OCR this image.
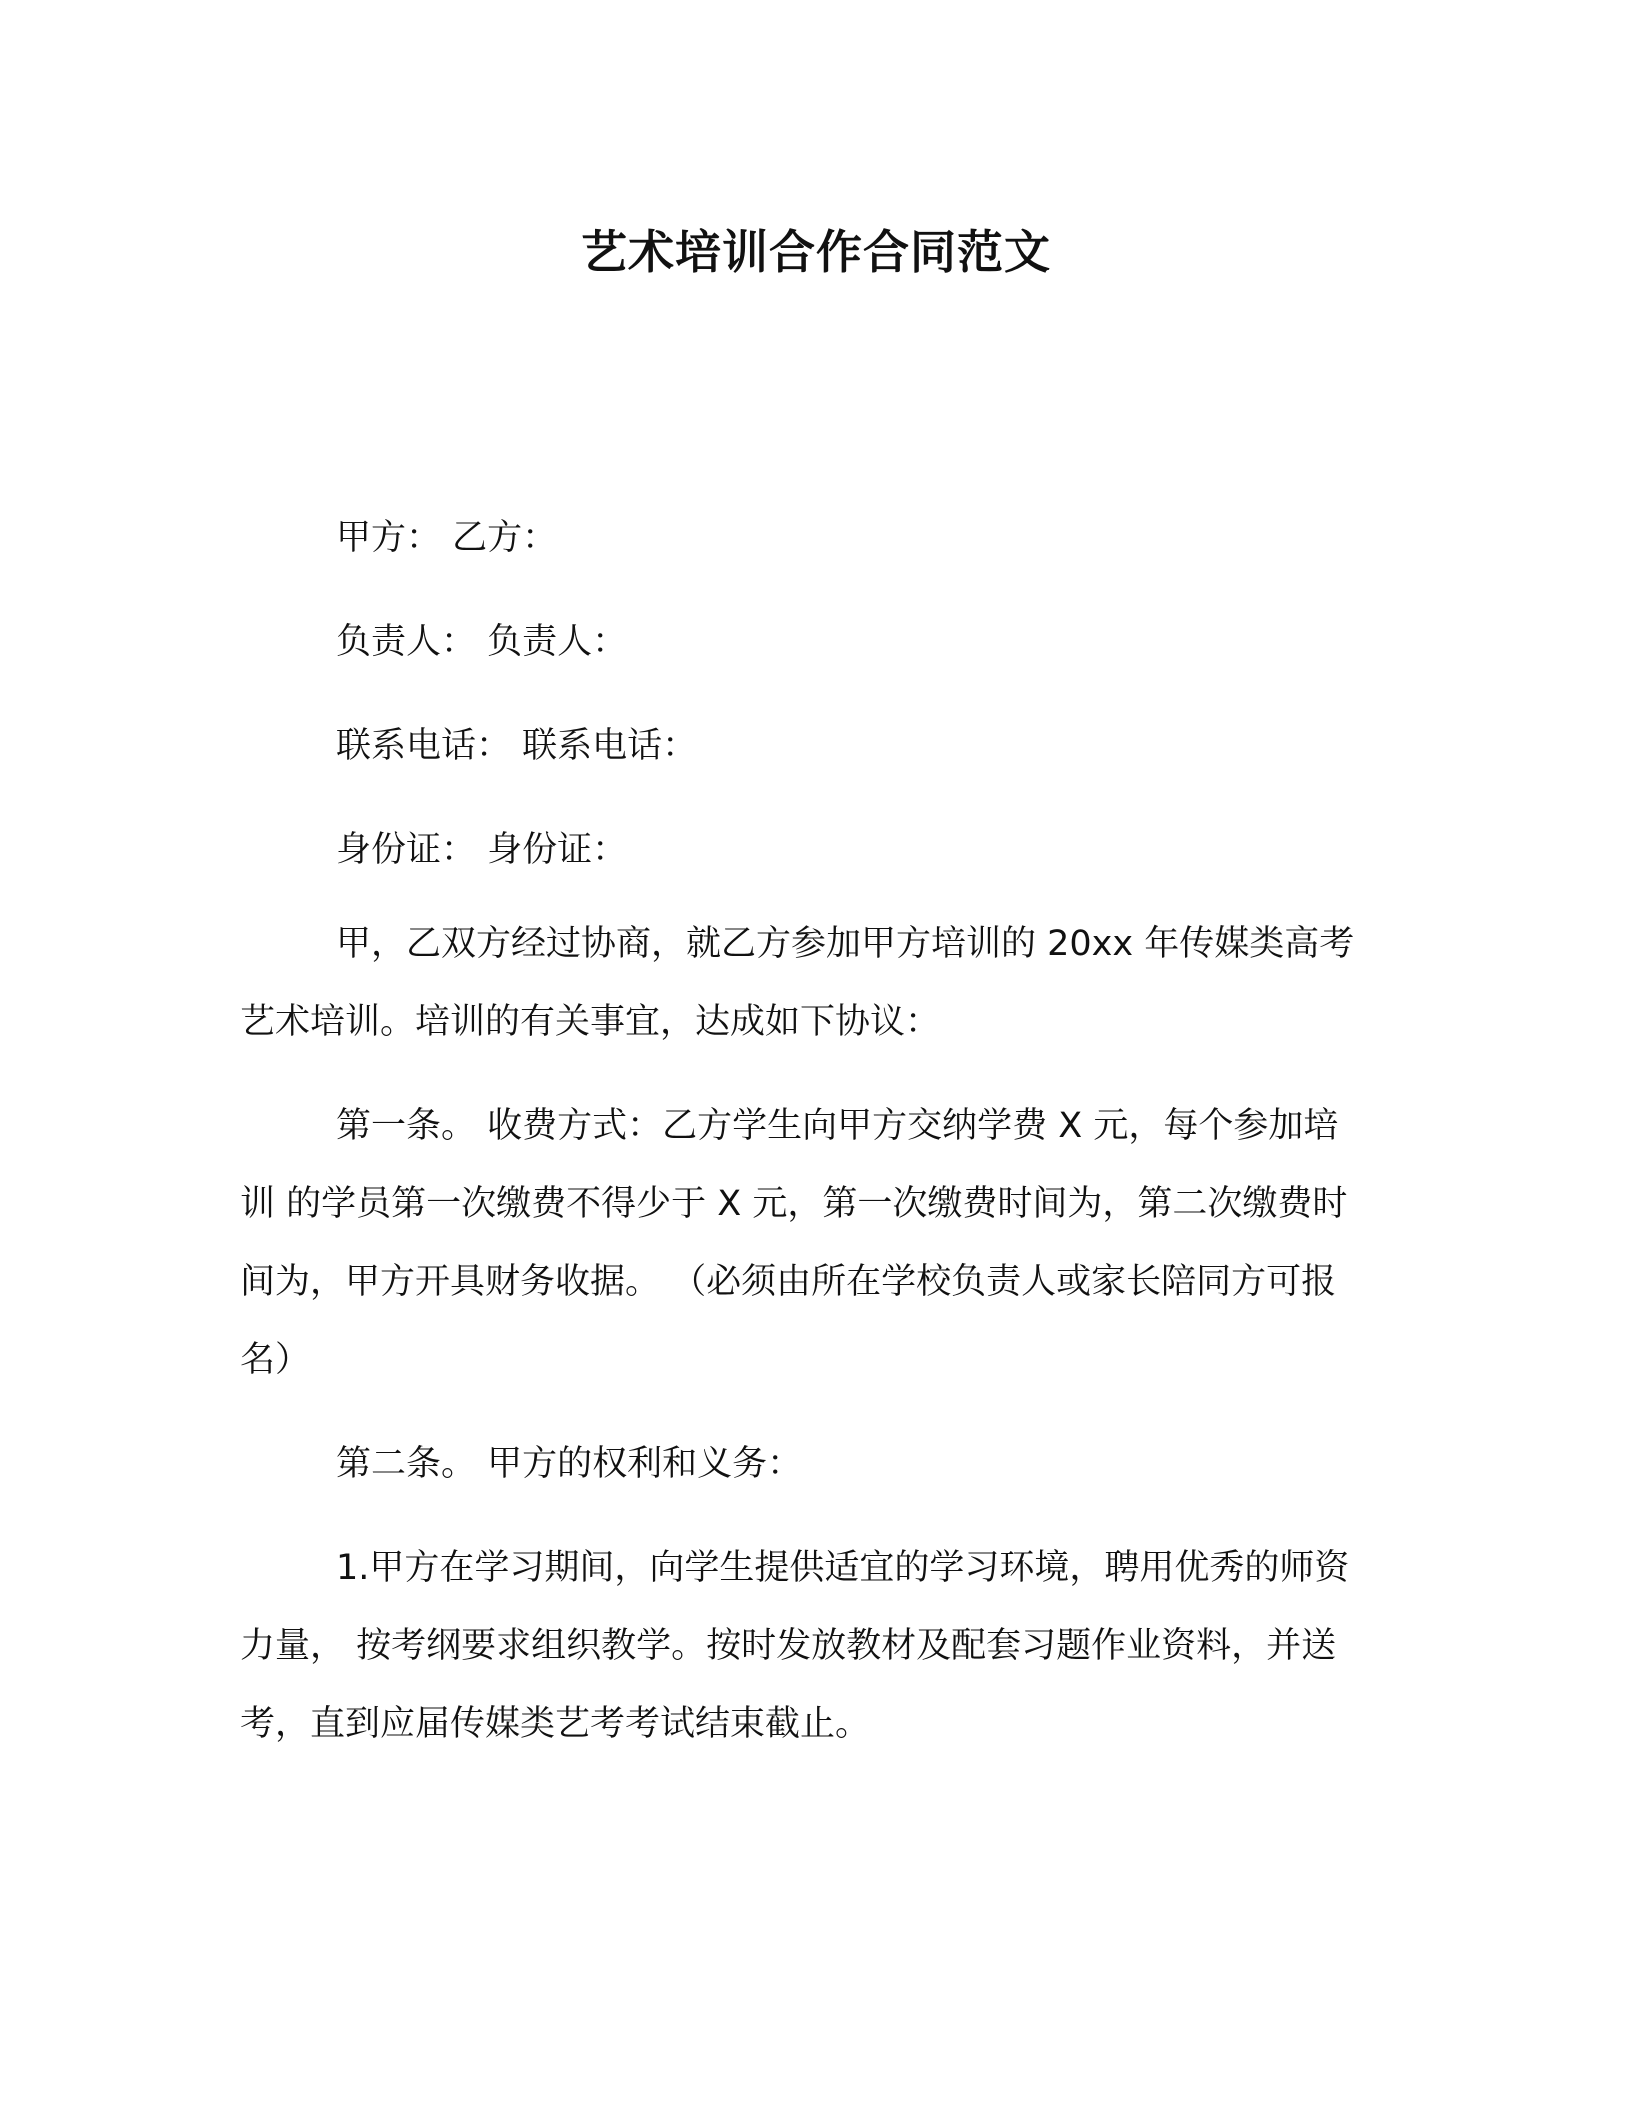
艺术培训合作合同范文

甲方： 乙方：

负责人： 负责人：

联系电话： 联系电话：

身份证： 身份证：

甲，乙双方经过协商，就乙方参加甲方培训的 20xx 年传媒类高考艺术培训。培训的有关事宜，达成如下协议：

第一条。 收费方式：乙方学生向甲方交纳学费 X 元，每个参加培训 的学员第一次缴费不得少于 X 元，第一次缴费时间为，第二次缴费时间为，甲方开具财务收据。 （必须由所在学校负责人或家长陪同方可报名）

第二条。 甲方的权利和义务：

1.甲方在学习期间，向学生提供适宜的学习环境，聘用优秀的师资力量， 按考纲要求组织教学。按时发放教材及配套习题作业资料，并送考，直到应届传媒类艺考考试结束截止。
